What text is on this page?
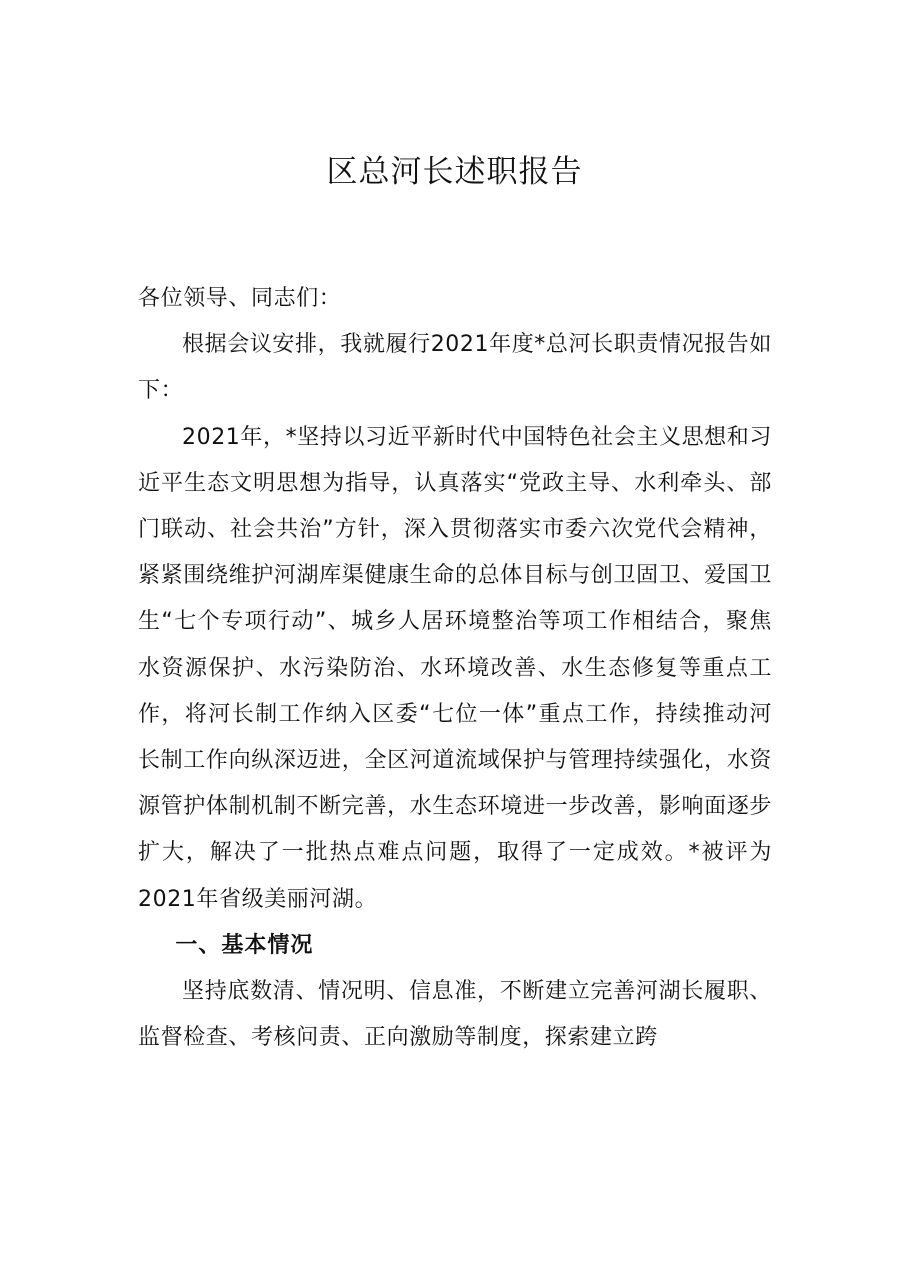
区总河长述职报告

各位领导、同志们：

根据会议安排，我就履行2021年度*总河长职责情况报告如下：

2021年，*坚持以习近平新时代中国特色社会主义思想和习近平生态文明思想为指导，认真落实“党政主导、水利牵头、部门联动、社会共治”方针，深入贯彻落实市委六次党代会精神，紧紧围绕维护河湖库渠健康生命的总体目标与创卫固卫、爱国卫生“七个专项行动”、城乡人居环境整治等项工作相结合，聚焦水资源保护、水污染防治、水环境改善、水生态修复等重点工作，将河长制工作纳入区委“七位一体”重点工作，持续推动河长制工作向纵深迈进，全区河道流域保护与管理持续强化，水资源管护体制机制不断完善，水生态环境进一步改善，影响面逐步扩大，解决了一批热点难点问题，取得了一定成效。*被评为2021年省级美丽河湖。

一、基本情况

坚持底数清、情况明、信息准，不断建立完善河湖长履职、监督检查、考核问责、正向激励等制度，探索建立跨
